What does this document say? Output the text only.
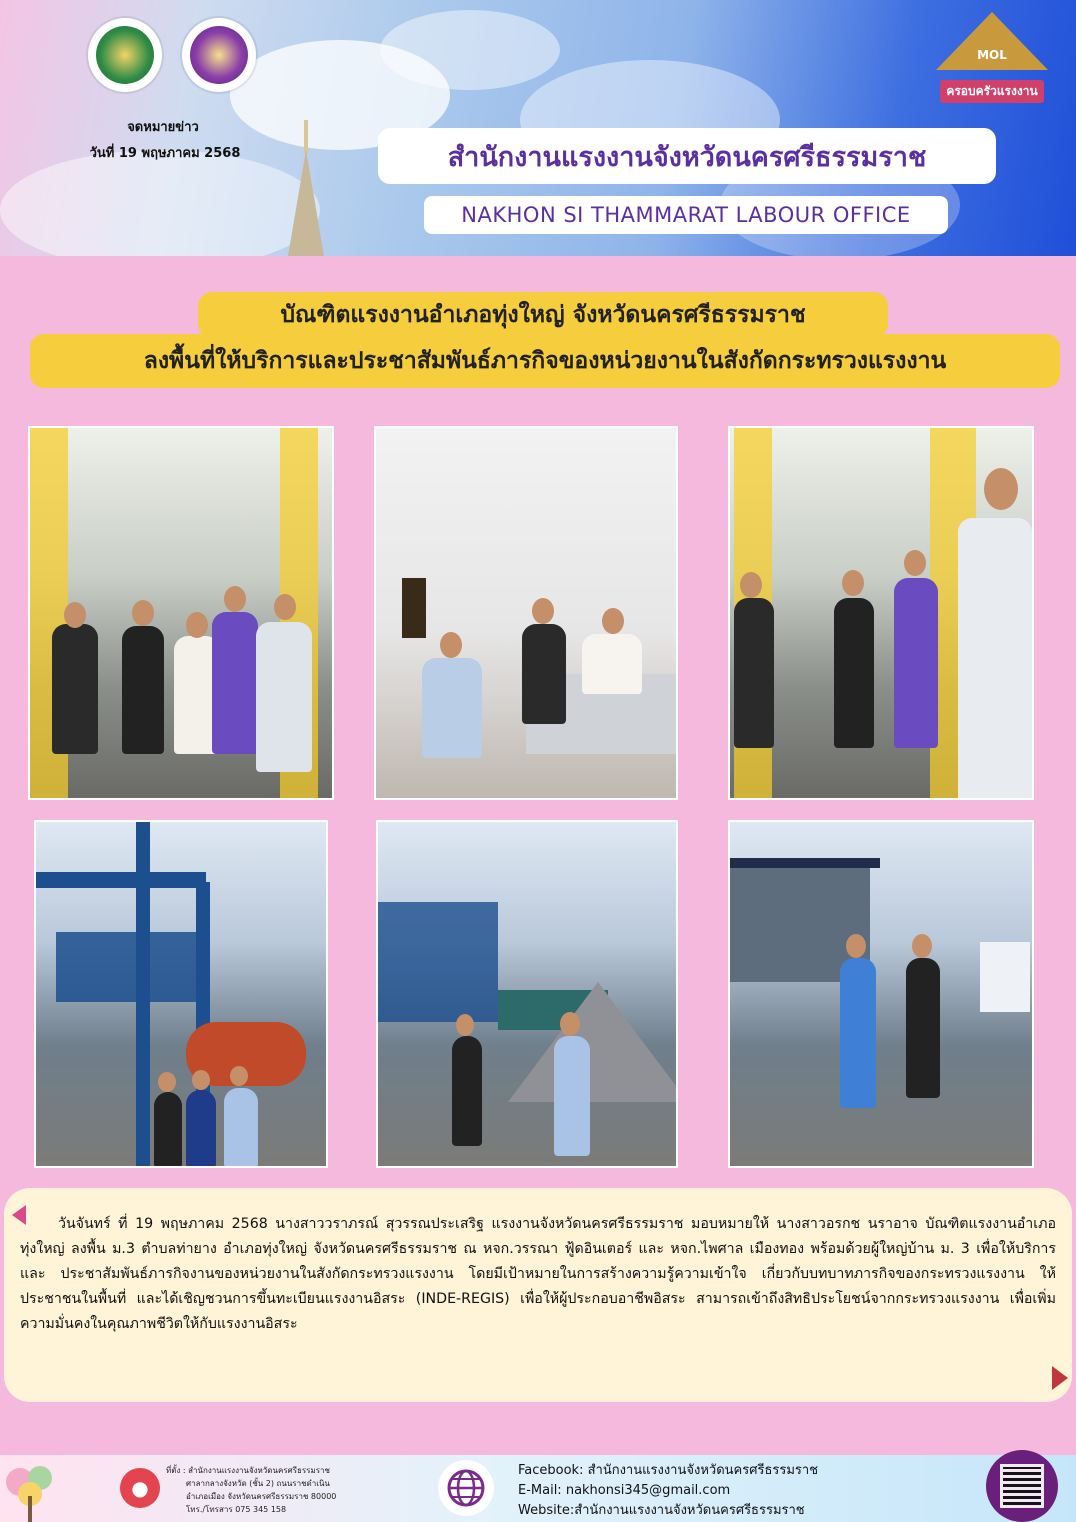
จดหมายข่าว
วันที่ 19 พฤษภาคม 2568	สำนักงานแรงงานจังหวัดนครศรีธรรมราช
NAKHON SI THAMMARAT LABOUR OFFICE
MOL
ครอบครัวแรงงาน
ลงพื้นที่ให้บริการและประชาสัมพันธ์ภารกิจของหน่วยงานในสังกัดกระทรวงแรงงาน
บัณฑิตแรงงานอำเภอทุ่งใหญ่ จังหวัดนครศรีธรรมราช

วันจันทร์ ที่ 19 พฤษภาคม 2568 นางสาววราภรณ์ สุวรรณประเสริฐ แรงงานจังหวัดนครศรีธรรมราช มอบหมายให้ นางสาวอรกช นราอาจ บัณฑิตแรงงานอำเภอทุ่งใหญ่ ลงพื้น ม.3 ตำบลท่ายาง อำเภอทุ่งใหญ่ จังหวัดนครศรีธรรมราช ณ หจก.วรรณา ฟู้ดอินเตอร์ และ หจก.ไพศาล เมืองทอง พร้อมด้วยผู้ใหญ่บ้าน ม. 3 เพื่อให้บริการ และ ประชาสัมพันธ์ภารกิจงานของหน่วยงานในสังกัดกระทรวงแรงงาน โดยมีเป้าหมายในการสร้างความรู้ความเข้าใจ เกี่ยวกับบทบาทภารกิจของกระทรวงแรงงาน ให้ประชาชนในพื้นที่ และได้เชิญชวนการขึ้นทะเบียนแรงงานอิสระ (INDE-REGIS) เพื่อให้ผู้ประกอบอาชีพอิสระ สามารถเข้าถึงสิทธิประโยชน์จากกระทรวงแรงงาน เพื่อเพิ่มความมั่นคงในคุณภาพชีวิตให้กับแรงงานอิสระ

●
ที่ตั้ง : สำนักงานแรงงานจังหวัดนครศรีธรรมราช
ศาลากลางจังหวัด (ชั้น 2) ถนนราชดำเนิน
อำเภอเมือง จังหวัดนครศรีธรรมราช 80000
โทร./โทรสาร 075 345 158
Facebook: สำนักงานแรงงานจังหวัดนครศรีธรรมราช
E-Mail: nakhonsi345@gmail.com
Website:สำนักงานแรงงานจังหวัดนครศรีธรรมราช
